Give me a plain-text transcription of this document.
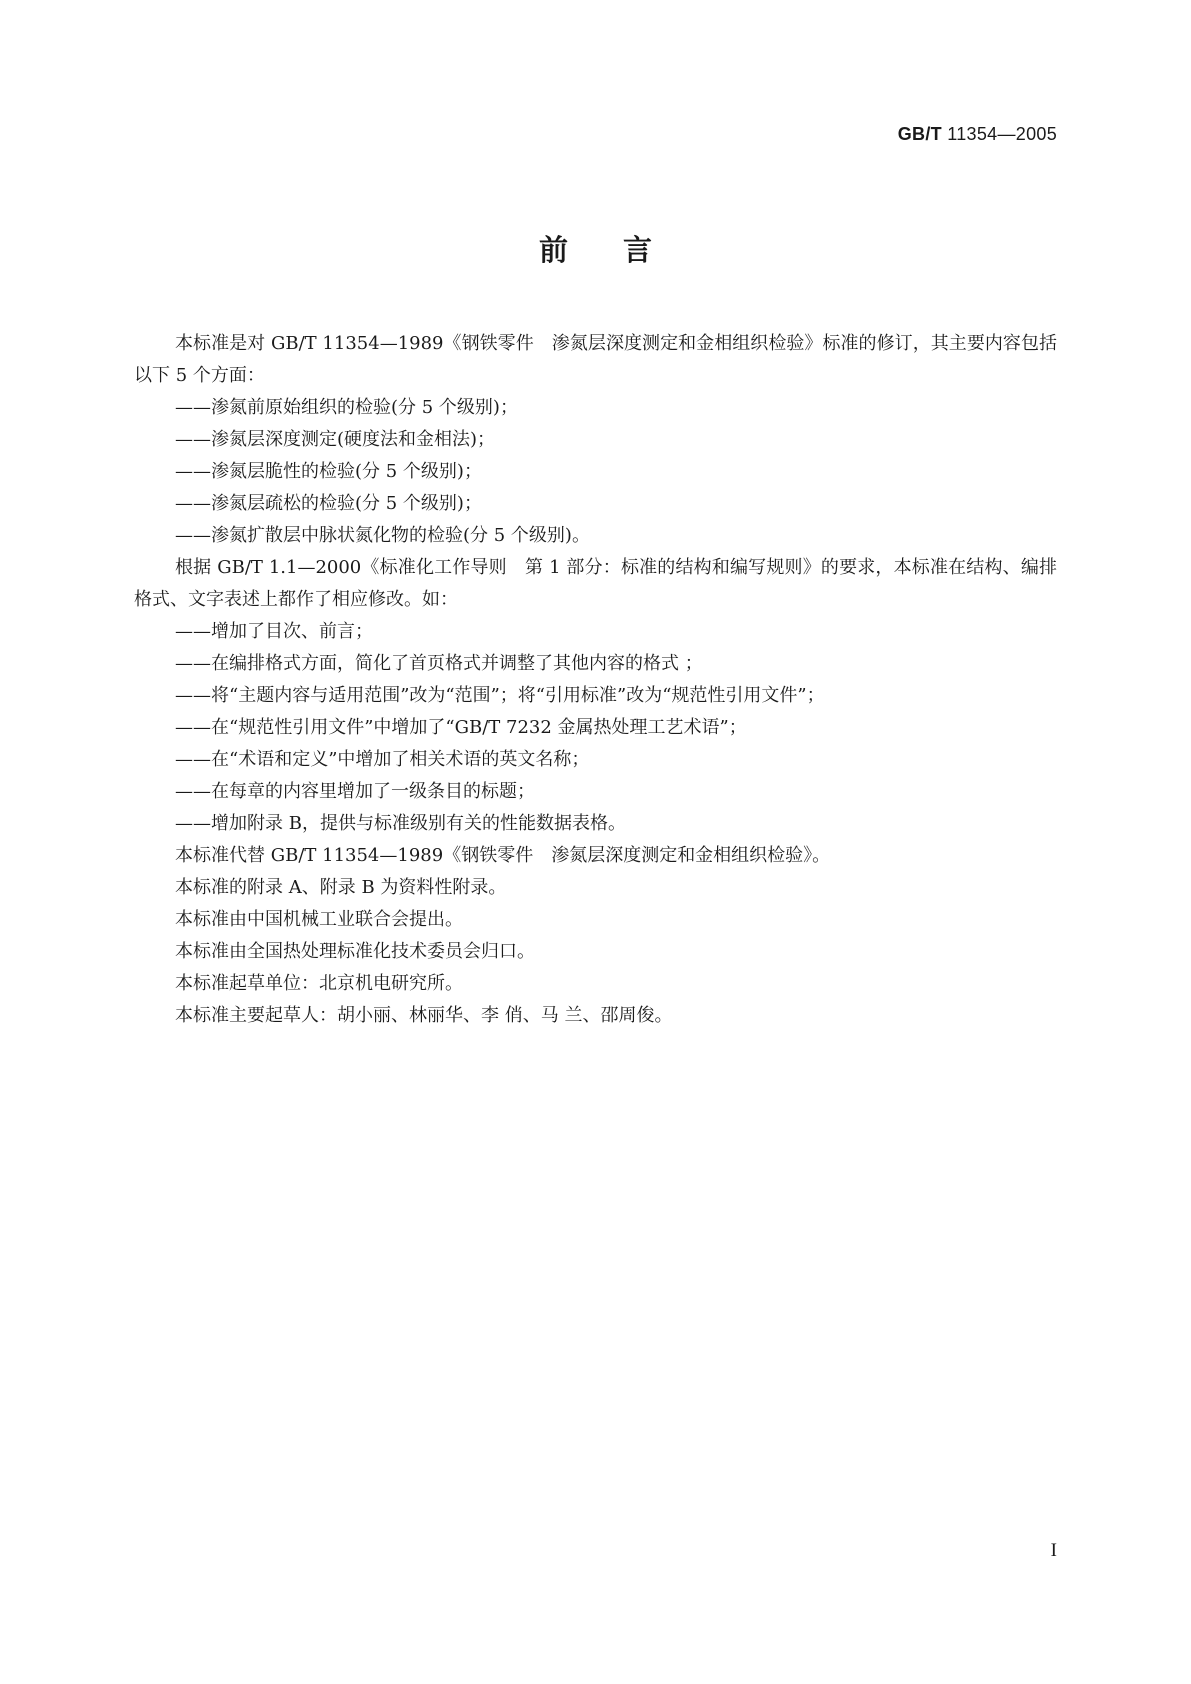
GB/T 11354—2005
前言

本标准是对 GB/T 11354—1989《钢铁零件　渗氮层深度测定和金相组织检验》标准的修订，其主要内容包括以下 5 个方面：

——渗氮前原始组织的检验(分 5 个级别)；

——渗氮层深度测定(硬度法和金相法)；

——渗氮层脆性的检验(分 5 个级别)；

——渗氮层疏松的检验(分 5 个级别)；

——渗氮扩散层中脉状氮化物的检验(分 5 个级别)。

根据 GB/T 1.1—2000《标准化工作导则　第 1 部分：标准的结构和编写规则》的要求，本标准在结构、编排格式、文字表述上都作了相应修改。如：

——增加了目次、前言；

——在编排格式方面，简化了首页格式并调整了其他内容的格式 ；

——将“主题内容与适用范围”改为“范围”；将“引用标准”改为“规范性引用文件”；

——在“规范性引用文件”中增加了“GB/T 7232 金属热处理工艺术语”；

——在“术语和定义”中增加了相关术语的英文名称；

——在每章的内容里增加了一级条目的标题；

——增加附录 B，提供与标准级别有关的性能数据表格。

本标准代替 GB/T 11354—1989《钢铁零件　渗氮层深度测定和金相组织检验》。

本标准的附录 A、附录 B 为资料性附录。

本标准由中国机械工业联合会提出。

本标准由全国热处理标准化技术委员会归口。

本标准起草单位：北京机电研究所。

本标准主要起草人：胡小丽、林丽华、李 俏、马 兰、邵周俊。

I
